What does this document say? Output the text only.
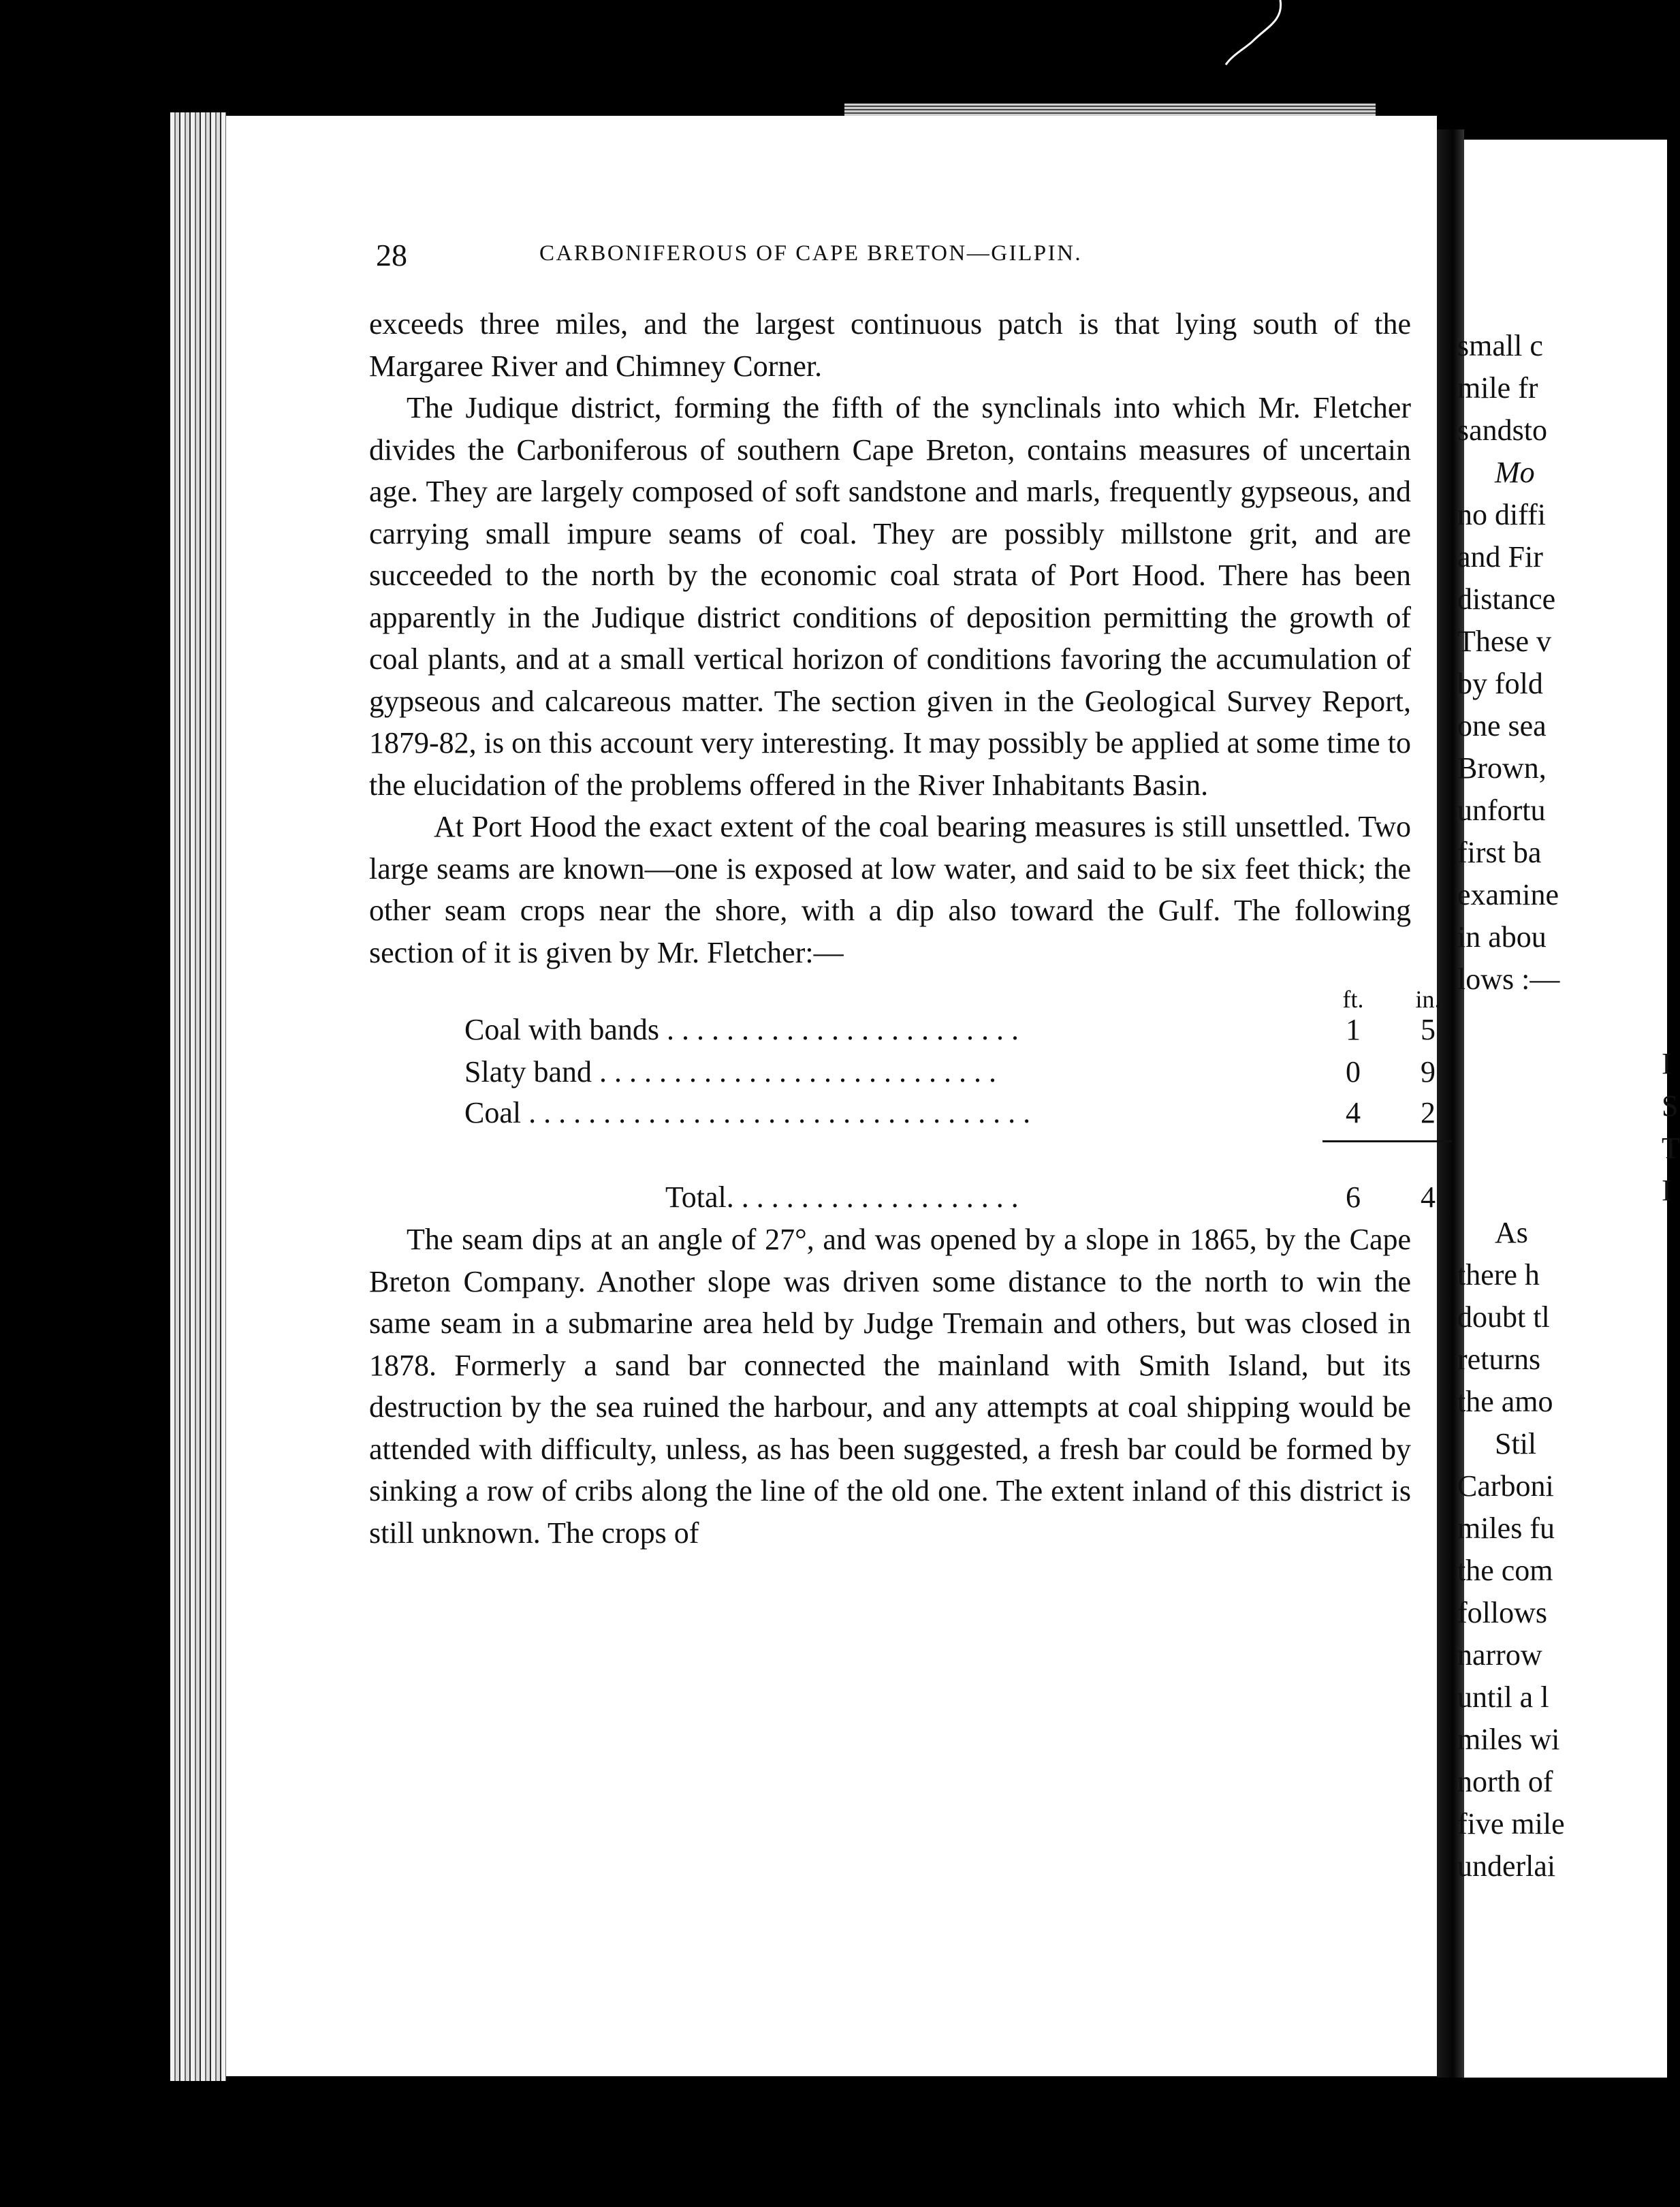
28	CARBONIFEROUS OF CAPE BRETON—GILPIN.

exceeds three miles, and the largest continuous patch is that lying south of the Margaree River and Chimney Corner.

The Judique district, forming the fifth of the synclinals into which Mr. Fletcher divides the Carboniferous of southern Cape Breton, contains measures of uncertain age. They are largely composed of soft sandstone and marls, frequently gypseous, and carrying small impure seams of coal. They are possibly millstone grit, and are succeeded to the north by the economic coal strata of Port Hood. There has been apparently in the Judique district conditions of deposition permitting the growth of coal plants, and at a small vertical horizon of conditions favoring the accumulation of gypseous and calcareous matter. The section given in the Geological Survey Report, 1879-82, is on this account very interesting. It may possibly be applied at some time to the elucidation of the problems offered in the River Inhabitants Basin.

At Port Hood the exact extent of the coal bearing measures is still unsettled. Two large seams are known—one is exposed at low water, and said to be six feet thick; the other seam crops near the shore, with a dip also toward the Gulf. The following section of it is given by Mr. Fletcher:—

ft. in.
Coal with bands . . . . . . . . . . . . . . . . . . . . . . . .	1 5
Slaty band . . . . . . . . . . . . . . . . . . . . . . . . . . .	0 9
Coal . . . . . . . . . . . . . . . . . . . . . . . . . . . . . . . . . .	4 2
Total. . . . . . . . . . . . . . . . . . . .	6 4

The seam dips at an angle of 27°, and was opened by a slope in 1865, by the Cape Breton Company. Another slope was driven some distance to the north to win the same seam in a submarine area held by Judge Tremain and others, but was closed in 1878. Formerly a sand bar connected the mainland with Smith Island, but its destruction by the sea ruined the harbour, and any attempts at coal shipping would be attended with difficulty, unless, as has been suggested, a fresh bar could be formed by sinking a row of cribs along the line of the old one. The extent inland of this district is still unknown. The crops of

small c
mile fr
sandsto
Mo
no diffi
and Fir
distance
These v
by fold
one sea
Brown,
unfortu
first ba
examine
in abou
lows :—
I
S
T
I
As
there h
doubt tl
returns
the amo
Stil
Carboni
miles fu
the com
follows
narrow
until a l
miles wi
north of
five mile
underlai
